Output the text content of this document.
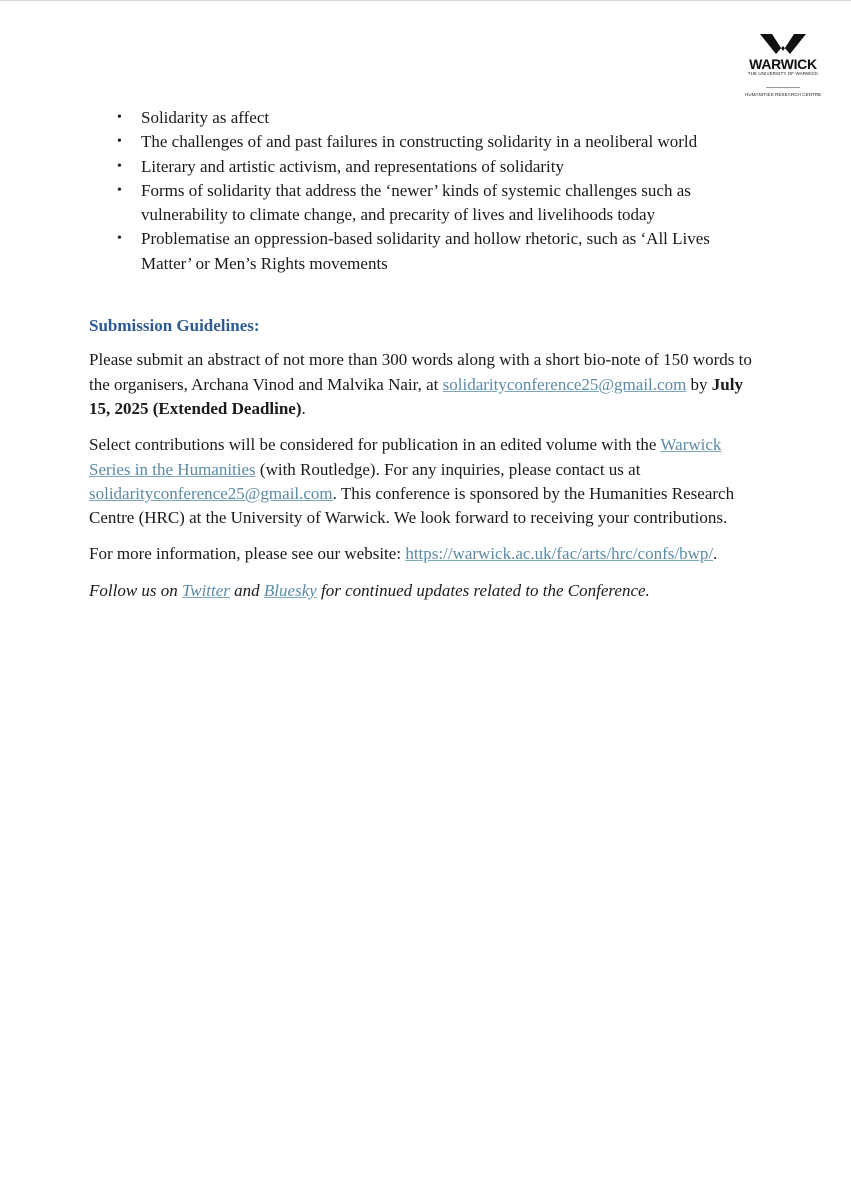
WARWICK
THE UNIVERSITY OF WARWICK
HUMANITIES RESEARCH CENTRE
• Solidarity as affect
• The challenges of and past failures in constructing solidarity in a neoliberal world
• Literary and artistic activism, and representations of solidarity
• Forms of solidarity that address the ‘newer’ kinds of systemic challenges such as vulnerability to climate change, and precarity of lives and livelihoods today
• Problematise an oppression-based solidarity and hollow rhetoric, such as ‘All Lives Matter’ or Men’s Rights movements
Submission Guidelines:

Please submit an abstract of not more than 300 words along with a short bio-note of 150 words to the organisers, Archana Vinod and Malvika Nair, at solidarityconference25@gmail.com by July 15, 2025 (Extended Deadline).

Select contributions will be considered for publication in an edited volume with the Warwick Series in the Humanities (with Routledge). For any inquiries, please contact us at solidarityconference25@gmail.com. This conference is sponsored by the Humanities Research Centre (HRC) at the University of Warwick. We look forward to receiving your contributions.

For more information, please see our website: https://warwick.ac.uk/fac/arts/hrc/confs/bwp/.

Follow us on Twitter and Bluesky for continued updates related to the Conference.
